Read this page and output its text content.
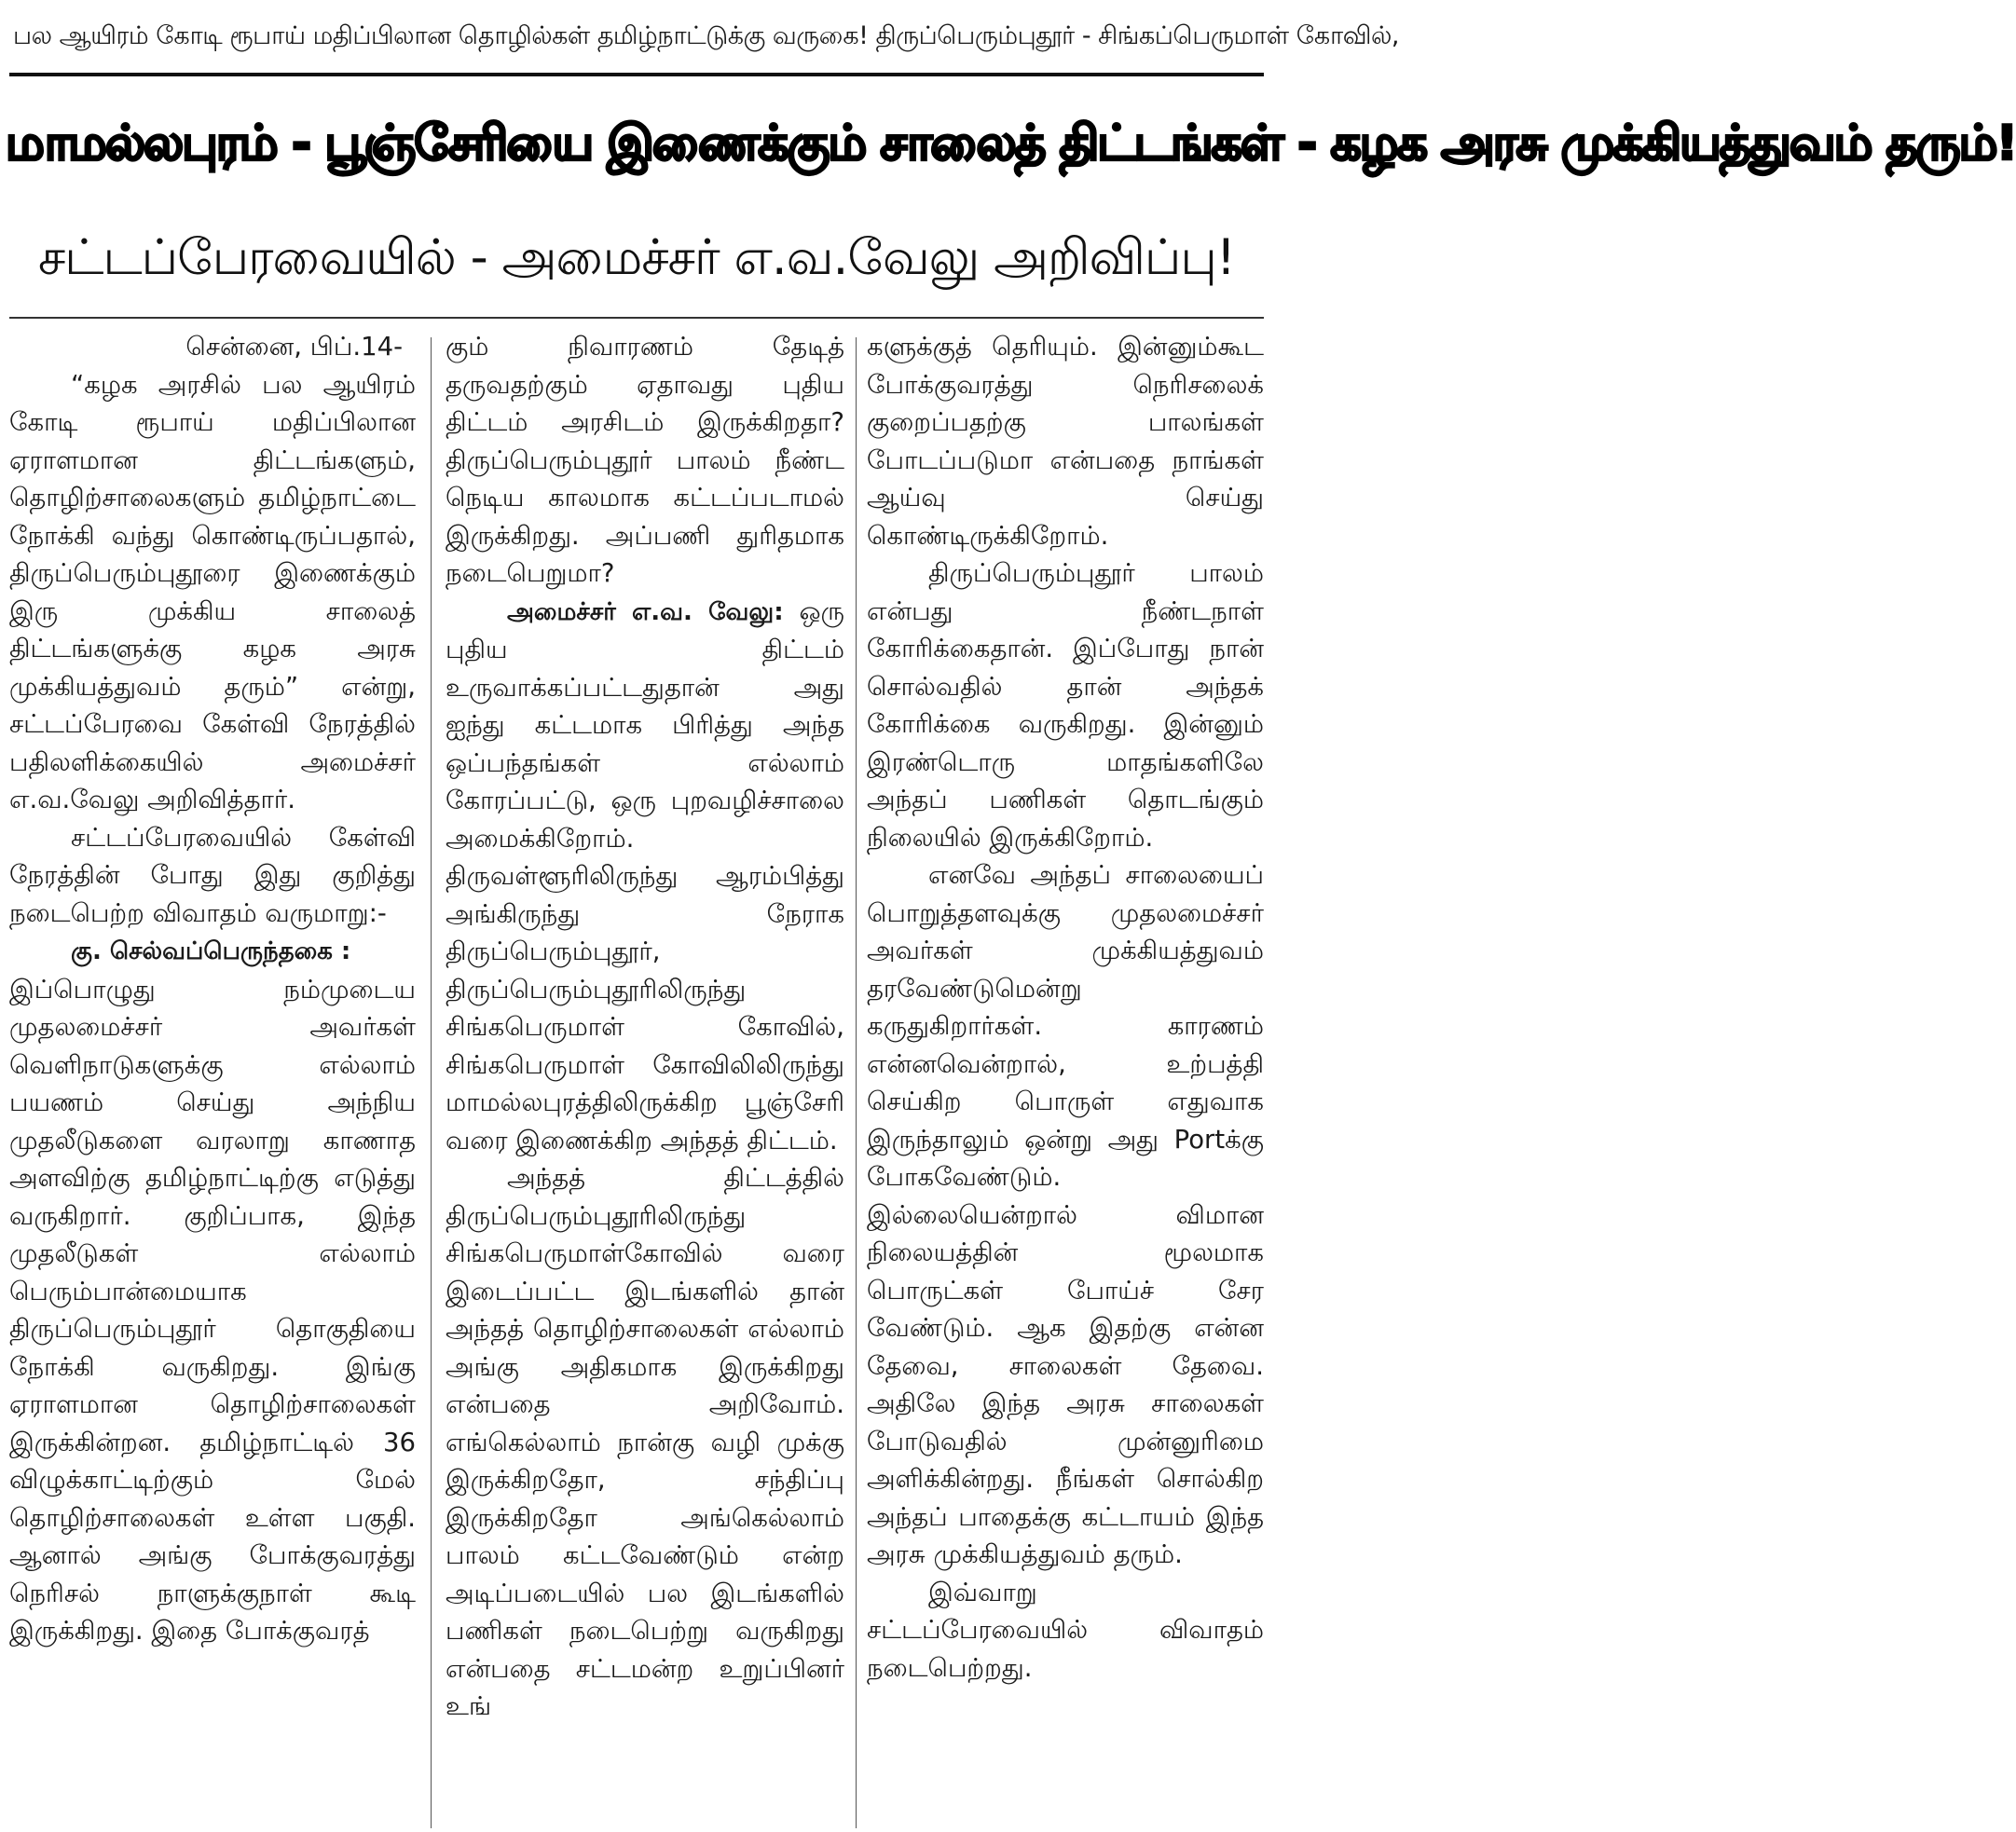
பல ஆயிரம் கோடி ரூபாய் மதிப்பிலான தொழில்கள் தமிழ்நாட்டுக்கு வருகை! திருப்பெரும்புதூர் - சிங்கப்பெருமாள் கோவில்,
மாமல்லபுரம் - பூஞ்சேரியை இணைக்கும் சாலைத் திட்டங்கள் - கழக அரசு முக்கியத்துவம் தரும்!
சட்டப்பேரவையில் - அமைச்சர் எ.வ.வேலு அறிவிப்பு!

சென்னை, பிப்.14-

“கழக அரசில் பல ஆயிரம் கோடி ரூபாய் மதிப்பிலான ஏராளமான திட்டங்களும், தொழிற்சாலைகளும் தமிழ்நாட்டை நோக்கி வந்து கொண்டிருப்பதால், திருப்பெரும்புதூரை இணைக்கும் இரு முக்கிய சாலைத் திட்டங்களுக்கு கழக அரசு முக்கியத்துவம் தரும்” என்று, சட்டப்பேரவை கேள்வி நேரத்தில் பதிலளிக்கையில் அமைச்சர் எ.வ.வேலு அறிவித்தார்.

சட்டப்பேரவையில் கேள்வி நேரத்தின் போது இது குறித்து நடைபெற்ற விவாதம் வருமாறு:-

கு. செல்வப்பெருந்தகை :

இப்பொழுது நம்முடைய முதலமைச்சர் அவர்கள் வெளிநாடுகளுக்கு எல்லாம் பயணம் செய்து அந்நிய முதலீடுகளை வரலாறு காணாத அளவிற்கு தமிழ்நாட்டிற்கு எடுத்து வருகிறார். குறிப்பாக, இந்த முதலீடுகள் எல்லாம் பெரும்பான்மையாக திருப்பெரும்புதூர் தொகுதியை நோக்கி வருகிறது. இங்கு ஏராளமான தொழிற்சாலைகள் இருக்கின்றன. தமிழ்நாட்டில் 36 விழுக்காட்டிற்கும் மேல் தொழிற்சாலைகள் உள்ள பகுதி. ஆனால் அங்கு போக்குவரத்து நெரிசல் நாளுக்குநாள் கூடி இருக்கிறது. இதை போக்குவரத்

கும் நிவாரணம் தேடித் தருவதற்கும் ஏதாவது புதிய திட்டம் அரசிடம் இருக்கிறதா? திருப்பெரும்புதூர் பாலம் நீண்ட நெடிய காலமாக கட்டப்படாமல் இருக்கிறது. அப்பணி துரிதமாக நடைபெறுமா?

அமைச்சர் எ.வ. வேலு: ஒரு புதிய திட்டம் உருவாக்கப்பட்டதுதான் அது ஐந்து கட்டமாக பிரித்து அந்த ஒப்பந்தங்கள் எல்லாம் கோரப்பட்டு, ஒரு புறவழிச்சாலை அமைக்கிறோம். திருவள்ளூரிலிருந்து ஆரம்பித்து அங்கிருந்து நேராக திருப்பெரும்புதூர், திருப்பெரும்புதூரிலிருந்து சிங்கபெருமாள் கோவில், சிங்கபெருமாள் கோவிலிலிருந்து மாமல்லபுரத்திலிருக்கிற பூஞ்சேரி வரை இணைக்கிற அந்தத் திட்டம்.

அந்தத் திட்டத்தில் திருப்பெரும்புதூரிலிருந்து சிங்கபெருமாள்கோவில் வரை இடைப்பட்ட இடங்களில் தான் அந்தத் தொழிற்சாலைகள் எல்லாம் அங்கு அதிகமாக இருக்கிறது என்பதை அறிவோம். எங்கெல்லாம் நான்கு வழி முக்கு இருக்கிறதோ, சந்திப்பு இருக்கிறதோ அங்கெல்லாம் பாலம் கட்டவேண்டும் என்ற அடிப்படையில் பல இடங்களில் பணிகள் நடைபெற்று வருகிறது என்பதை சட்டமன்ற உறுப்பினர் உங்

களுக்குத் தெரியும். இன்னும்கூட போக்குவரத்து நெரிசலைக் குறைப்பதற்கு பாலங்கள் போடப்படுமா என்பதை நாங்கள் ஆய்வு செய்து கொண்டிருக்கிறோம்.

திருப்பெரும்புதூர் பாலம் என்பது நீண்டநாள் கோரிக்கைதான். இப்போது நான் சொல்வதில் தான் அந்தக் கோரிக்கை வருகிறது. இன்னும் இரண்டொரு மாதங்களிலே அந்தப் பணிகள் தொடங்கும் நிலையில் இருக்கிறோம்.

எனவே அந்தப் சாலையைப் பொறுத்தளவுக்கு முதலமைச்சர் அவர்கள் முக்கியத்துவம் தரவேண்டுமென்று கருதுகிறார்கள். காரணம் என்னவென்றால், உற்பத்தி செய்கிற பொருள் எதுவாக இருந்தாலும் ஒன்று அது Portக்கு போகவேண்டும். இல்லையென்றால் விமான நிலையத்தின் மூலமாக பொருட்கள் போய்ச் சேர வேண்டும். ஆக இதற்கு என்ன தேவை, சாலைகள் தேவை. அதிலே இந்த அரசு சாலைகள் போடுவதில் முன்னுரிமை அளிக்கின்றது. நீங்கள் சொல்கிற அந்தப் பாதைக்கு கட்டாயம் இந்த அரசு முக்கியத்துவம் தரும்.

இவ்வாறு சட்டப்பேரவையில் விவாதம் நடைபெற்றது.
